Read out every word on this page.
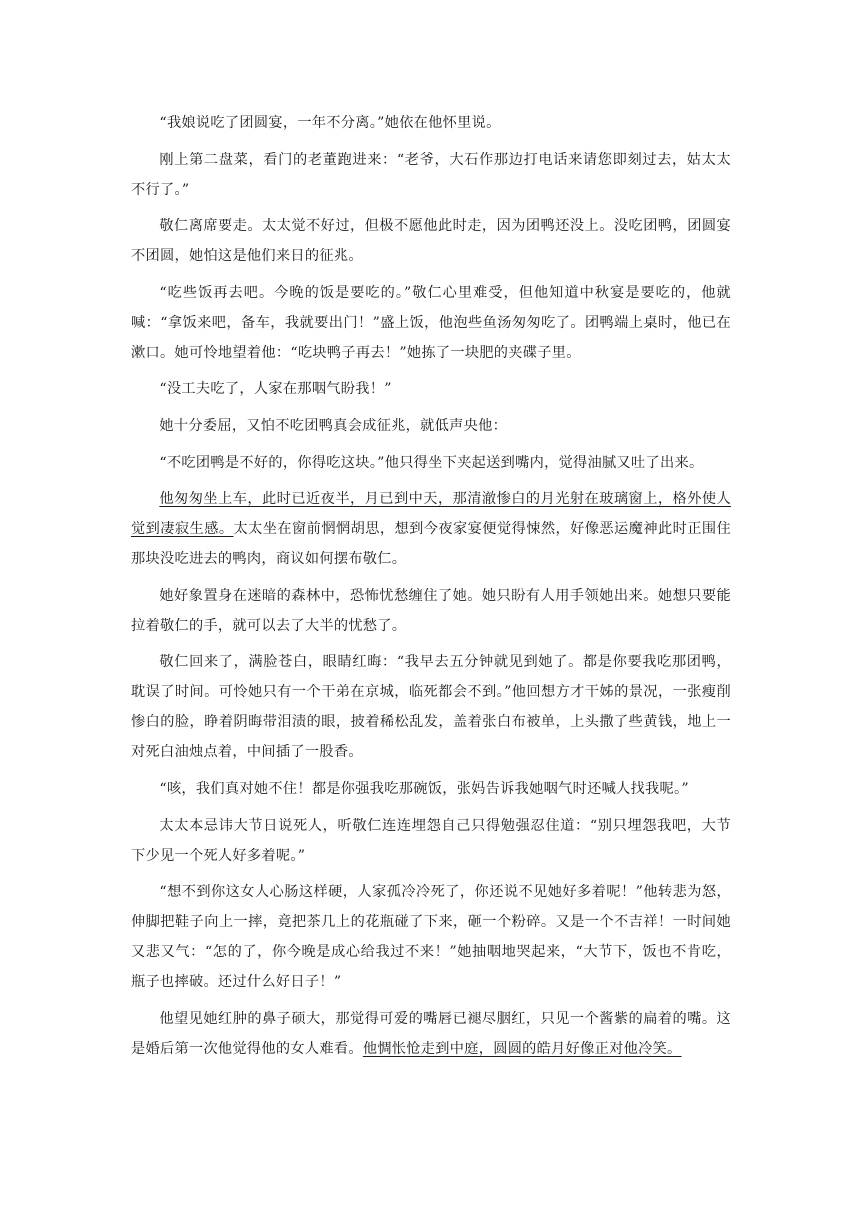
“我娘说吃了团圆宴，一年不分离。”她依在他怀里说。

刚上第二盘菜，看门的老董跑进来：“老爷，大石作那边打电话来请您即刻过去，姑太太不行了。”

敬仁离席要走。太太觉不好过，但极不愿他此时走，因为团鸭还没上。没吃团鸭，团圆宴不团圆，她怕这是他们来日的征兆。

“吃些饭再去吧。今晚的饭是要吃的。”敬仁心里难受，但他知道中秋宴是要吃的，他就喊：“拿饭来吧，备车，我就要出门！”盛上饭，他泡些鱼汤匆匆吃了。团鸭端上桌时，他已在漱口。她可怜地望着他：“吃块鸭子再去！”她拣了一块肥的夹碟子里。

“没工夫吃了，人家在那咽气盼我！”

她十分委屈，又怕不吃团鸭真会成征兆，就低声央他：

“不吃团鸭是不好的，你得吃这块。”他只得坐下夹起送到嘴内，觉得油腻又吐了出来。

他匆匆坐上车，此时已近夜半，月已到中天，那清澈惨白的月光射在玻璃窗上，格外使人觉到凄寂生感。太太坐在窗前惘惘胡思，想到今夜家宴便觉得悚然，好像恶运魔神此时正围住那块没吃进去的鸭肉，商议如何摆布敬仁。

她好象置身在迷暗的森林中，恐怖忧愁缠住了她。她只盼有人用手领她出来。她想只要能拉着敬仁的手，就可以去了大半的忧愁了。

敬仁回来了，满脸苍白，眼睛红晦：“我早去五分钟就见到她了。都是你要我吃那团鸭，耽误了时间。可怜她只有一个干弟在京城，临死都会不到。”他回想方才干姊的景况，一张瘦削惨白的脸，睁着阴晦带泪渍的眼，披着稀松乱发，盖着张白布被单，上头撒了些黄钱，地上一对死白油烛点着，中间插了一股香。

“咳，我们真对她不住！都是你强我吃那碗饭，张妈告诉我她咽气时还喊人找我呢。”

太太本忌讳大节日说死人，听敬仁连连埋怨自己只得勉强忍住道：“别只埋怨我吧，大节下少见一个死人好多着呢。”

“想不到你这女人心肠这样硬，人家孤冷冷死了，你还说不见她好多着呢！”他转悲为怒，伸脚把鞋子向上一摔，竟把茶几上的花瓶碰了下来，砸一个粉碎。又是一个不吉祥！一时间她又悲又气：“怎的了，你今晚是成心给我过不来！”她抽咽地哭起来，“大节下，饭也不肯吃，瓶子也摔破。还过什么好日子！”

他望见她红肿的鼻子硕大，那觉得可爱的嘴唇已褪尽胭红，只见一个酱紫的扁着的嘴。这是婚后第一次他觉得他的女人难看。他惆怅怆走到中庭，圆圆的皓月好像正对他冷笑。
